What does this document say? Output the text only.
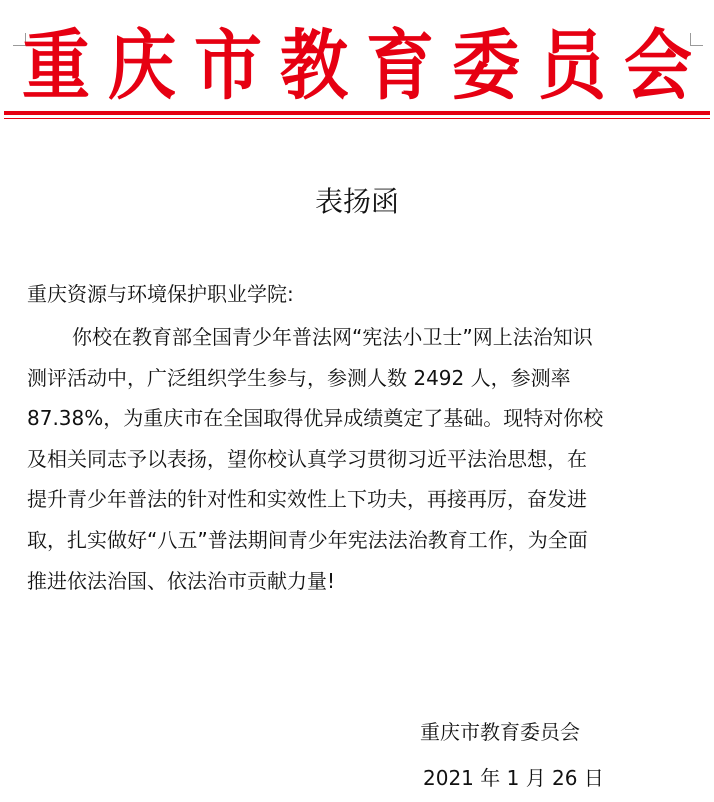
重庆市教育委员会
表扬函
重庆资源与环境保护职业学院:
你校在教育部全国青少年普法网“宪法小卫士”网上法治知识
测评活动中，广泛组织学生参与，参测人数 2492 人，参测率
87.38%，为重庆市在全国取得优异成绩奠定了基础。现特对你校
及相关同志予以表扬，望你校认真学习贯彻习近平法治思想，在
提升青少年普法的针对性和实效性上下功夫，再接再厉，奋发进
取，扎实做好“八五”普法期间青少年宪法法治教育工作，为全面
推进依法治国、依法治市贡献力量!
重庆市教育委员会
2021 年 1 月 26 日
